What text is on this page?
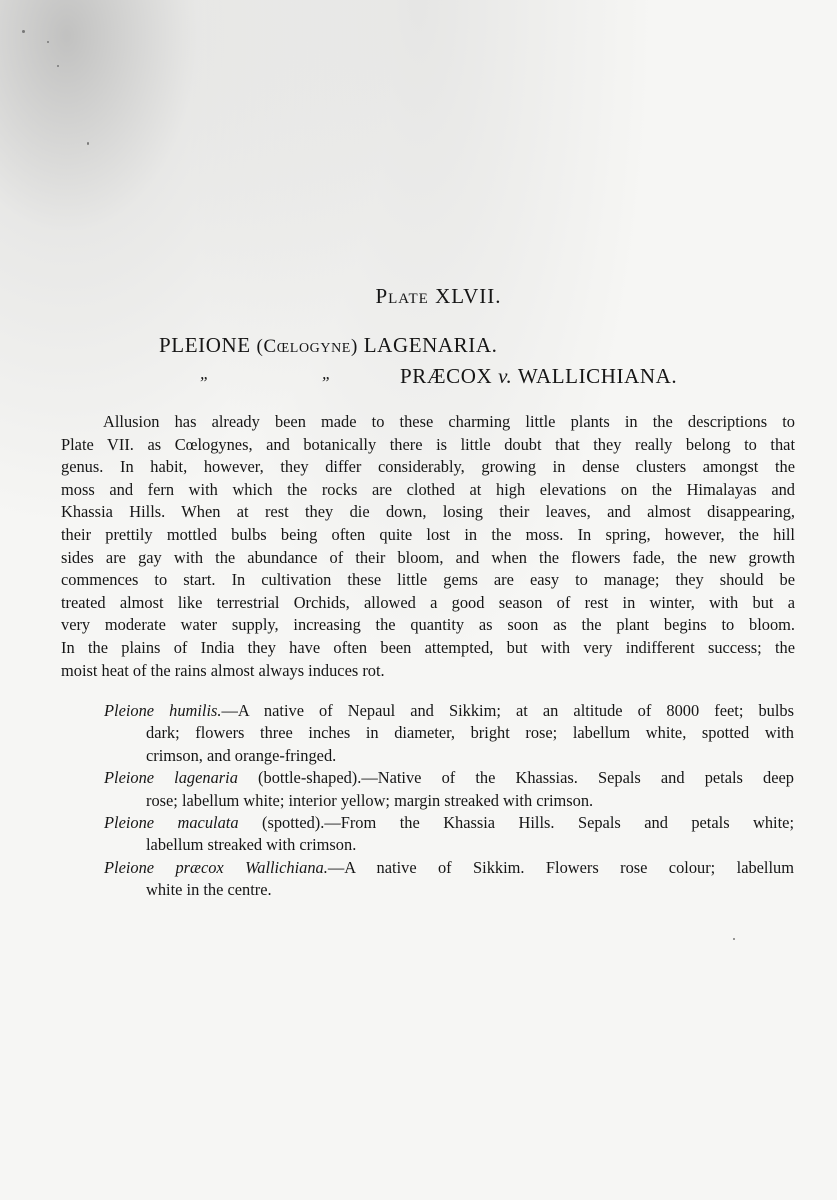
PLATE XLVII.
PLEIONE (CŒLOGYNE) LAGENARIA.
„	„	PRÆCOX v. WALLICHIANA.
Allusion has already been made to these charming little plants in the descriptions to
Plate VII. as Cœlogynes, and botanically there is little doubt that they really belong to that
genus. In habit, however, they differ considerably, growing in dense clusters amongst the
moss and fern with which the rocks are clothed at high elevations on the Himalayas and
Khassia Hills. When at rest they die down, losing their leaves, and almost disappearing,
their prettily mottled bulbs being often quite lost in the moss. In spring, however, the hill
sides are gay with the abundance of their bloom, and when the flowers fade, the new growth
commences to start. In cultivation these little gems are easy to manage; they should be
treated almost like terrestrial Orchids, allowed a good season of rest in winter, with but a
very moderate water supply, increasing the quantity as soon as the plant begins to bloom.
In the plains of India they have often been attempted, but with very indifferent success; the
moist heat of the rains almost always induces rot.
Pleione humilis.—A native of Nepaul and Sikkim; at an altitude of 8000 feet; bulbs
dark; flowers three inches in diameter, bright rose; labellum white, spotted with
crimson, and orange-fringed.
Pleione lagenaria (bottle-shaped).—Native of the Khassias. Sepals and petals deep
rose; labellum white; interior yellow; margin streaked with crimson.
Pleione maculata (spotted).—From the Khassia Hills. Sepals and petals white;
labellum streaked with crimson.
Pleione præcox Wallichiana.—A native of Sikkim. Flowers rose colour; labellum
white in the centre.
